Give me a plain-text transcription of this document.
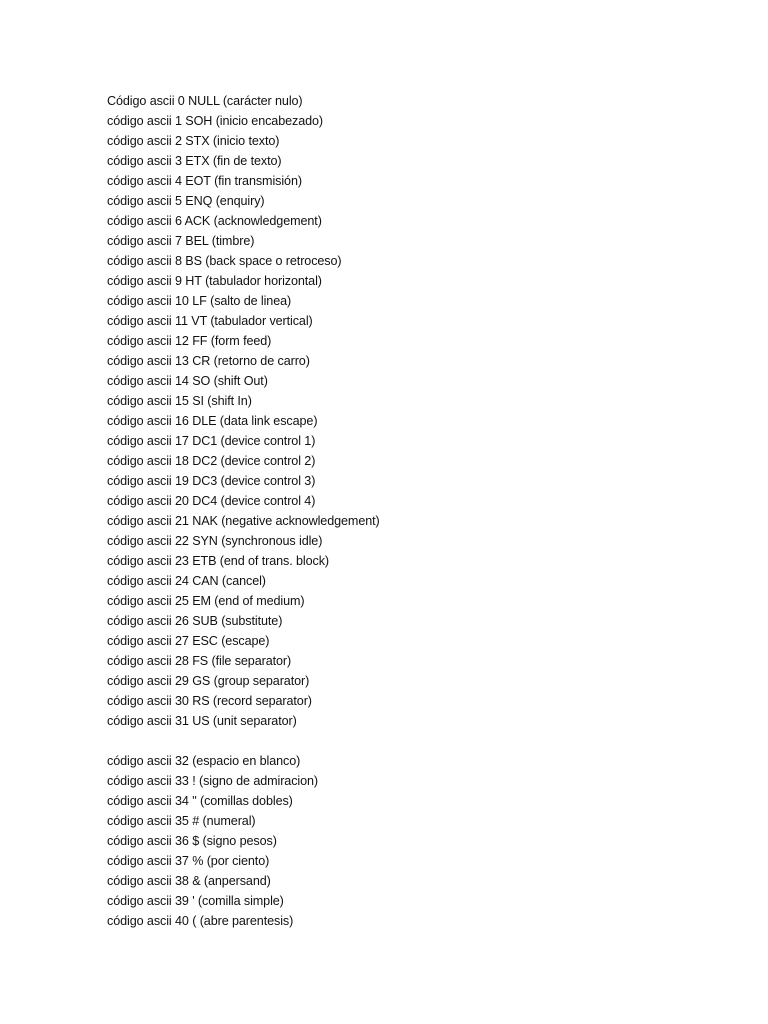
Código ascii 0 NULL (carácter nulo)
código ascii 1 SOH (inicio encabezado)
código ascii 2 STX (inicio texto)
código ascii 3 ETX (fin de texto)
código ascii 4 EOT (fin transmisión)
código ascii 5 ENQ (enquiry)
código ascii 6 ACK (acknowledgement)
código ascii 7 BEL (timbre)
código ascii 8 BS (back space o retroceso)
código ascii 9 HT (tabulador horizontal)
código ascii 10 LF (salto de linea)
código ascii 11 VT (tabulador vertical)
código ascii 12 FF (form feed)
código ascii 13 CR (retorno de carro)
código ascii 14 SO (shift Out)
código ascii 15 SI (shift In)
código ascii 16 DLE (data link escape)
código ascii 17 DC1 (device control 1)
código ascii 18 DC2 (device control 2)
código ascii 19 DC3 (device control 3)
código ascii 20 DC4 (device control 4)
código ascii 21 NAK (negative acknowledgement)
código ascii 22 SYN (synchronous idle)
código ascii 23 ETB (end of trans. block)
código ascii 24 CAN (cancel)
código ascii 25 EM (end of medium)
código ascii 26 SUB (substitute)
código ascii 27 ESC (escape)
código ascii 28 FS (file separator)
código ascii 29 GS (group separator)
código ascii 30 RS (record separator)
código ascii 31 US (unit separator)
código ascii 32 (espacio en blanco)
código ascii 33 ! (signo de admiracion)
código ascii 34 " (comillas dobles)
código ascii 35 # (numeral)
código ascii 36 $ (signo pesos)
código ascii 37 % (por ciento)
código ascii 38 & (anpersand)
código ascii 39 ' (comilla simple)
código ascii 40 ( (abre parentesis)
